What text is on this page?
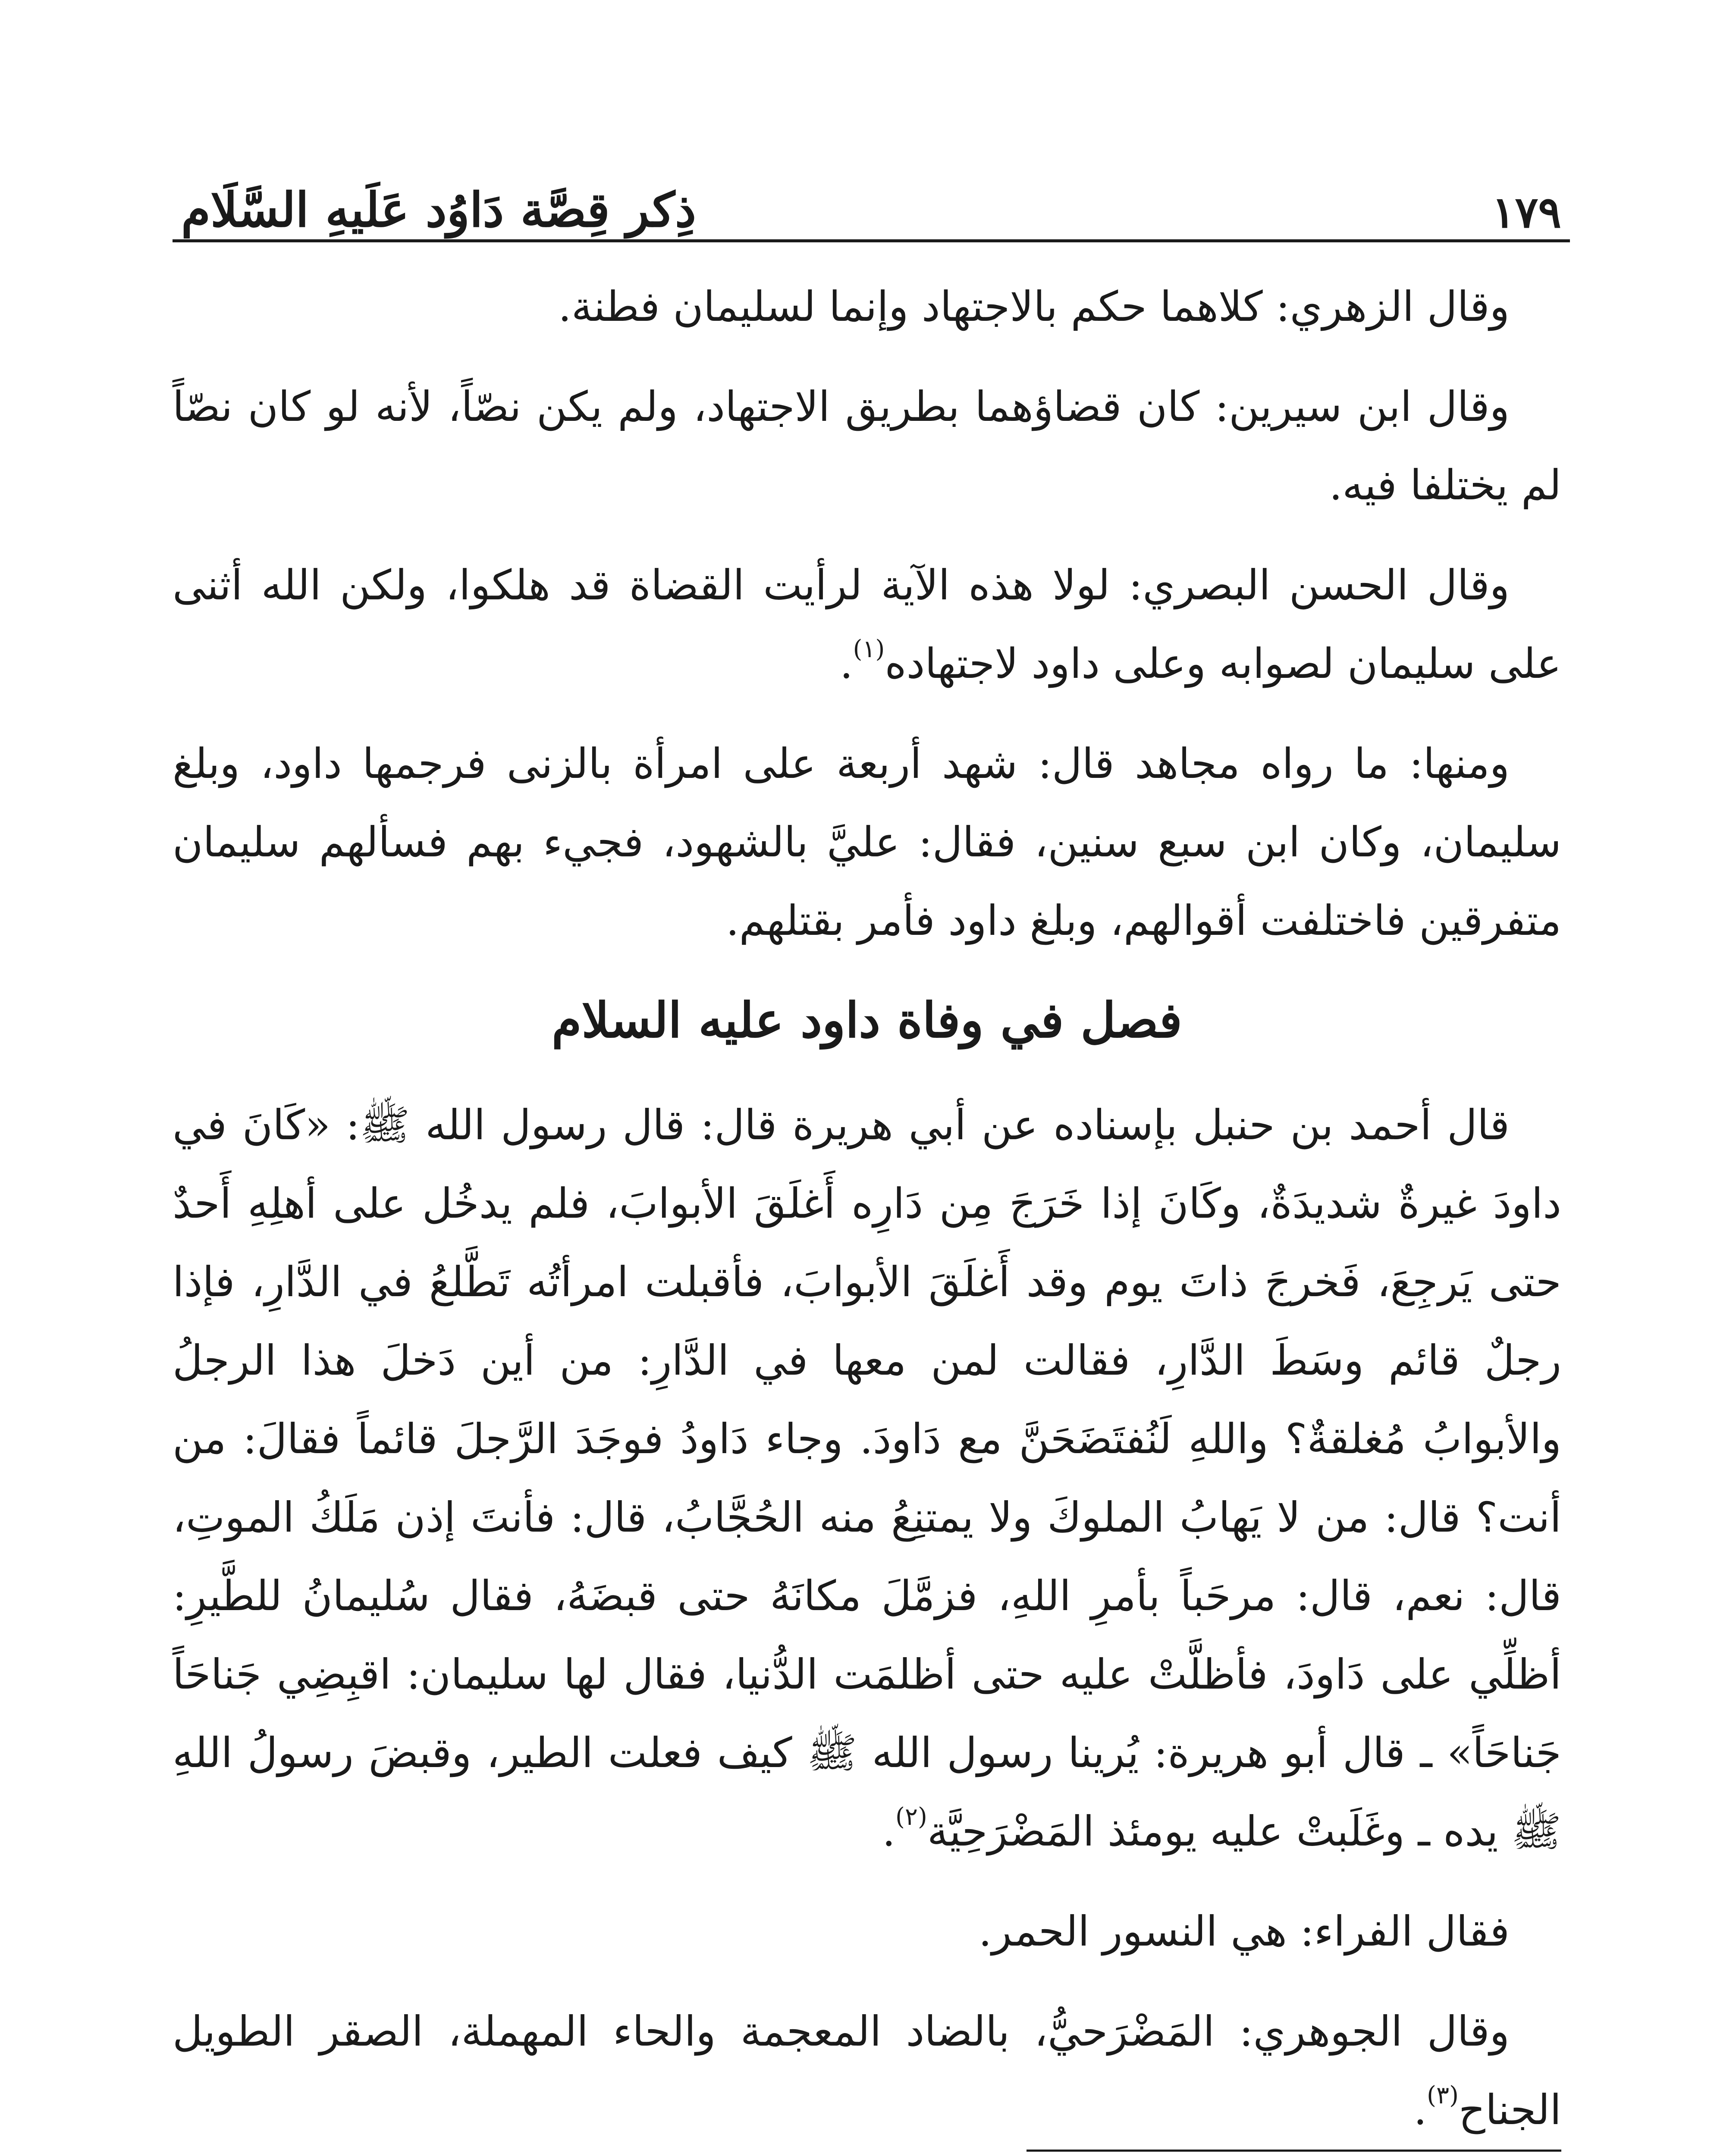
ذِكر قِصَّة دَاوُد عَلَيهِ السَّلَام	١٧٩

وقال الزهري: كلاهما حكم بالاجتهاد وإنما لسليمان فطنة.

وقال ابن سيرين: كان قضاؤهما بطريق الاجتهاد، ولم يكن نصّاً، لأنه لو كان نصّاً لم يختلفا فيه.

وقال الحسن البصري: لولا هذه الآية لرأيت القضاة قد هلكوا، ولكن الله أثنى على سليمان لصوابه وعلى داود لاجتهاده$^{(١)}$.

ومنها: ما رواه مجاهد قال: شهد أربعة على امرأة بالزنى فرجمها داود، وبلغ سليمان، وكان ابن سبع سنين، فقال: عليَّ بالشهود، فجيء بهم فسألهم سليمان متفرقين فاختلفت أقوالهم، وبلغ داود فأمر بقتلهم.

فصل في وفاة داود عليه السلام

قال أحمد بن حنبل بإسناده عن أبي هريرة قال: قال رسول الله ﷺ: «كَانَ في داودَ غيرةٌ شديدَةٌ، وكَانَ إذا خَرَجَ مِن دَارِه أَغلَقَ الأبوابَ، فلم يدخُل على أهلِهِ أَحدٌ حتى يَرجِعَ، فَخرجَ ذاتَ يوم وقد أَغلَقَ الأبوابَ، فأقبلت امرأتُه تَطَّلعُ في الدَّارِ، فإذا رجلٌ قائم وسَطَ الدَّارِ، فقالت لمن معها في الدَّارِ: من أين دَخلَ هذا الرجلُ والأبوابُ مُغلقةٌ؟ واللهِ لَنُفتَضَحَنَّ مع دَاودَ. وجاء دَاودُ فوجَدَ الرَّجلَ قائماً فقالَ: من أنت؟ قال: من لا يَهابُ الملوكَ ولا يمتنِعُ منه الحُجَّابُ، قال: فأنتَ إذن مَلَكُ الموتِ، قال: نعم، قال: مرحَباً بأمرِ اللهِ، فزمَّلَ مكانَهُ حتى قبضَهُ، فقال سُليمانُ للطَّيرِ: أظلِّي على دَاودَ، فأظلَّتْ عليه حتى أظلمَت الدُّنيا، فقال لها سليمان: اقبِضِي جَناحَاً جَناحَاً» ـ قال أبو هريرة: يُرينا رسول الله ﷺ كيف فعلت الطير، وقبضَ رسولُ اللهِ ﷺ يده ـ وغَلَبتْ عليه يومئذ المَضْرَحِيَّة$^{(٢)}$.

فقال الفراء: هي النسور الحمر.

وقال الجوهري: المَضْرَحيُّ، بالضاد المعجمة والحاء المهملة، الصقر الطويل الجناح$^{(٣)}$.
